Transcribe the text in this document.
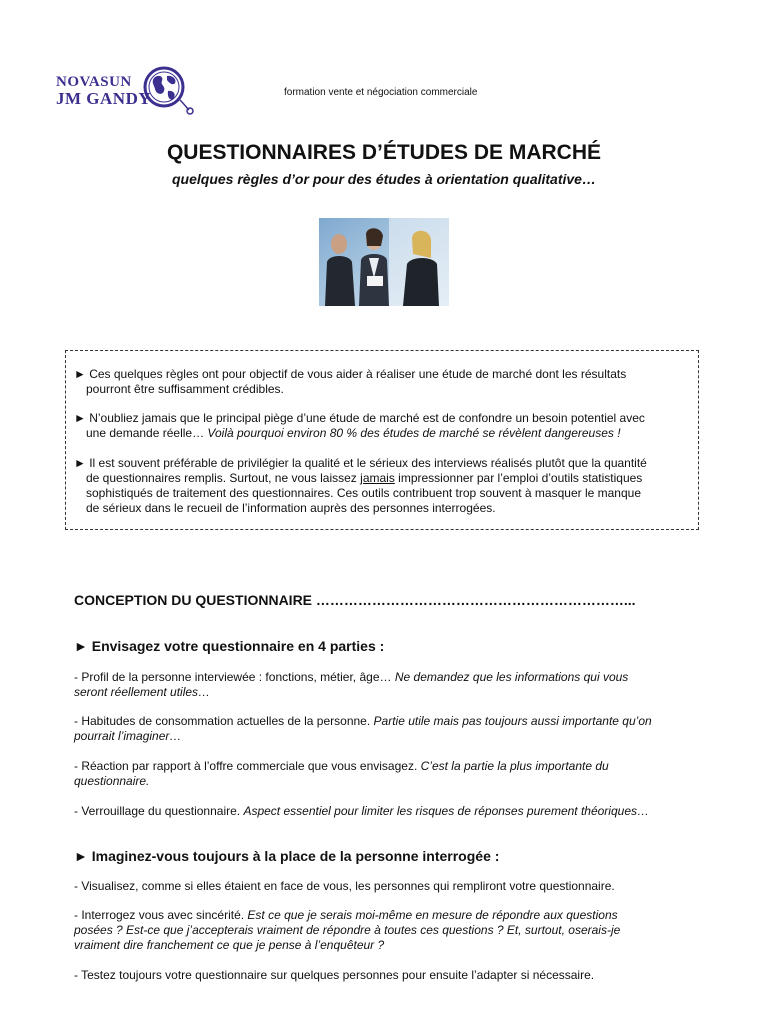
NOVASUN
JM GANDY	formation vente et négociation commerciale
QUESTIONNAIRES D’ÉTUDES DE MARCHÉ
quelques règles d’or pour des études à orientation qualitative…
► Ces quelques règles ont pour objectif de vous aider à réaliser une étude de marché dont les résultats
pourront être suffisamment crédibles.
► N’oubliez jamais que le principal piège d’une étude de marché est de confondre un besoin potentiel avec
une demande réelle… Voilà pourquoi environ 80 % des études de marché se révèlent dangereuses !
► Il est souvent préférable de privilégier la qualité et le sérieux des interviews réalisés plutôt que la quantité
de questionnaires remplis. Surtout, ne vous laissez jamais impressionner par l’emploi d’outils statistiques
sophistiqués de traitement des questionnaires. Ces outils contribuent trop souvent à masquer le manque
de sérieux dans le recueil de l’information auprès des personnes interrogées.
CONCEPTION DU QUESTIONNAIRE …………………………………………………………...
► Envisagez votre questionnaire en 4 parties :
- Profil de la personne interviewée : fonctions, métier, âge… Ne demandez que les informations qui vous
seront réellement utiles…
- Habitudes de consommation actuelles de la personne. Partie utile mais pas toujours aussi importante qu’on
pourrait l’imaginer…
- Réaction par rapport à l’offre commerciale que vous envisagez. C’est la partie la plus importante du
questionnaire.
- Verrouillage du questionnaire. Aspect essentiel pour limiter les risques de réponses purement théoriques…
► Imaginez-vous toujours à la place de la personne interrogée :
- Visualisez, comme si elles étaient en face de vous, les personnes qui rempliront votre questionnaire.
- Interrogez vous avec sincérité. Est ce que je serais moi-même en mesure de répondre aux questions
posées ? Est-ce que j’accepterais vraiment de répondre à toutes ces questions ? Et, surtout, oserais-je
vraiment dire franchement ce que je pense à l’enquêteur ?
- Testez toujours votre questionnaire sur quelques personnes pour ensuite l’adapter si nécessaire.
